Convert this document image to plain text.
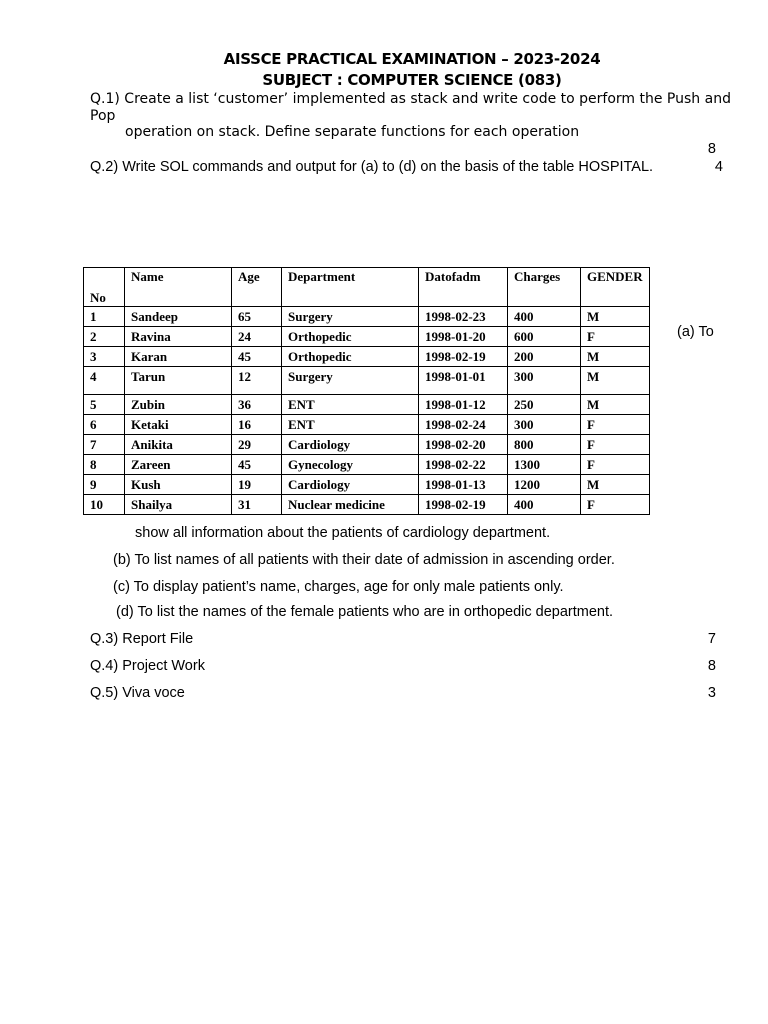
AISSCE PRACTICAL EXAMINATION – 2023-2024
SUBJECT : COMPUTER SCIENCE (083)
Q.1) Create a list ‘customer’ implemented as stack and write code to perform the Push and
Pop
operation on stack. Define separate functions for each operation
8
Q.2) Write SOL commands and output for (a) to (d) on the basis of the table HOSPITAL.	4
No	Name	Age	Department	Datofadm	Charges	GENDER
1	Sandeep	65	Surgery	1998-02-23	400	M
2	Ravina	24	Orthopedic	1998-01-20	600	F
3	Karan	45	Orthopedic	1998-02-19	200	M
4	Tarun	12	Surgery	1998-01-01	300	M
5	Zubin	36	ENT	1998-01-12	250	M
6	Ketaki	16	ENT	1998-02-24	300	F
7	Anikita	29	Cardiology	1998-02-20	800	F
8	Zareen	45	Gynecology	1998-02-22	1300	F
9	Kush	19	Cardiology	1998-01-13	1200	M
10	Shailya	31	Nuclear medicine	1998-02-19	400	F
(a) To
show all information about the patients of cardiology department.
(b) To list names of all patients with their date of admission in ascending order.
(c) To display patient’s name, charges, age for only male patients only.
(d) To list the names of the female patients who are in orthopedic department.
Q.3) Report File	7
Q.4) Project Work	8
Q.5) Viva voce	3
